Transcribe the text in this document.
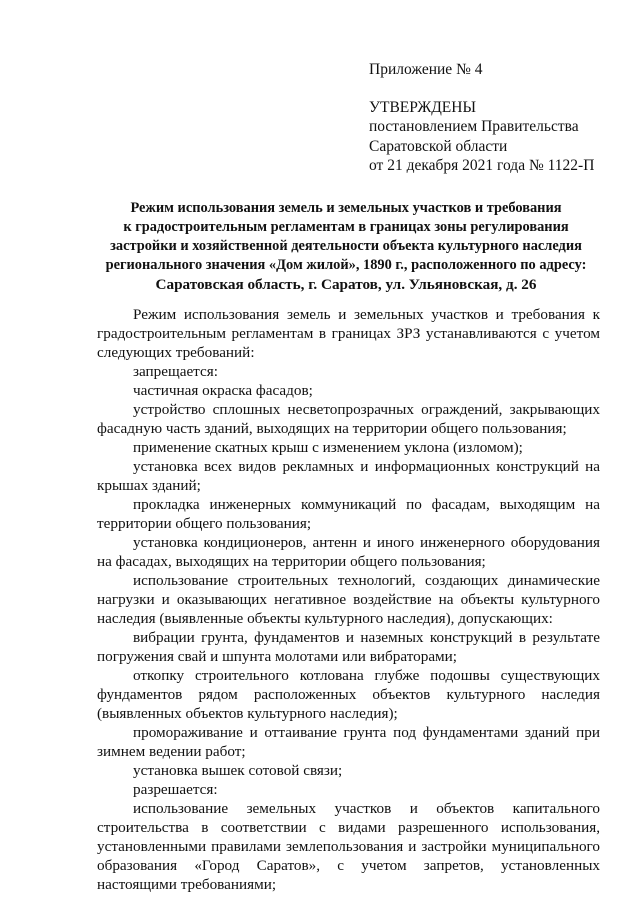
Приложение № 4

УТВЕРЖДЕНЫ

постановлением Правительства

Саратовской области

от 21 декабря 2021 года № 1122-П

Режим использования земель и земельных участков и требования

к градостроительным регламентам в границах зоны регулирования

застройки и хозяйственной деятельности объекта культурного наследия

регионального значения «Дом жилой», 1890 г., расположенного по адресу:

Саратовская область, г. Саратов, ул. Ульяновская, д. 26

Режим использования земель и земельных участков и требования к градостроительным регламентам в границах ЗРЗ устанавливаются с учетом следующих требований:

запрещается:

частичная окраска фасадов;

устройство сплошных несветопрозрачных ограждений, закрывающих фасадную часть зданий, выходящих на территории общего пользования;

применение скатных крыш с изменением уклона (изломом);

установка всех видов рекламных и информационных конструкций на крышах зданий;

прокладка инженерных коммуникаций по фасадам, выходящим на территории общего пользования;

установка кондиционеров, антенн и иного инженерного оборудования на фасадах, выходящих на территории общего пользования;

использование строительных технологий, создающих динамические нагрузки и оказывающих негативное воздействие на объекты культурного наследия (выявленные объекты культурного наследия), допускающих:

вибрации грунта, фундаментов и наземных конструкций в результате погружения свай и шпунта молотами или вибраторами;

откопку строительного котлована глубже подошвы существующих фундаментов рядом расположенных объектов культурного наследия (выявленных объектов культурного наследия);

промораживание и оттаивание грунта под фундаментами зданий при зимнем ведении работ;

установка вышек сотовой связи;

разрешается:

использование земельных участков и объектов капитального строительства в соответствии с видами разрешенного использования, установленными правилами землепользования и застройки муниципального образования «Город Саратов», с учетом запретов, установленных настоящими требованиями;
